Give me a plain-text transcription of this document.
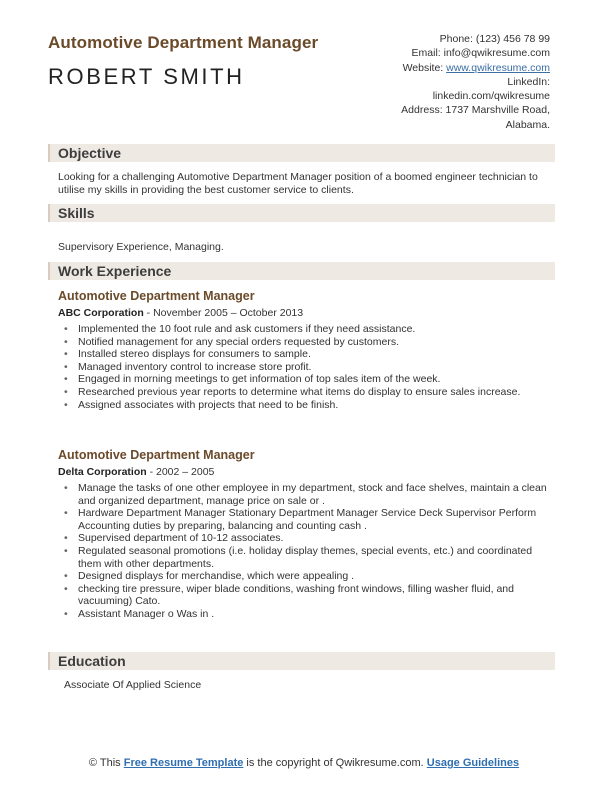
Automotive Department Manager
ROBERT SMITH
Phone: (123) 456 78 99
Email: info@qwikresume.com
Website: www.qwikresume.com
LinkedIn:
linkedin.com/qwikresume
Address: 1737 Marshville Road,
Alabama.
Objective
Looking for a challenging Automotive Department Manager position of a boomed engineer technician to utilise my skills in providing the best customer service to clients.
Skills
Supervisory Experience, Managing.
Work Experience
Automotive Department Manager
ABC Corporation - November 2005 – October 2013
• Implemented the 10 foot rule and ask customers if they need assistance.
• Notified management for any special orders requested by customers.
• Installed stereo displays for consumers to sample.
• Managed inventory control to increase store profit.
• Engaged in morning meetings to get information of top sales item of the week.
• Researched previous year reports to determine what items do display to ensure sales increase.
• Assigned associates with projects that need to be finish.
Automotive Department Manager
Delta Corporation - 2002 – 2005
• Manage the tasks of one other employee in my department, stock and face shelves, maintain a clean and organized department, manage price on sale or .
• Hardware Department Manager Stationary Department Manager Service Deck Supervisor Perform Accounting duties by preparing, balancing and counting cash .
• Supervised department of 10-12 associates.
• Regulated seasonal promotions (i.e. holiday display themes, special events, etc.) and coordinated them with other departments.
• Designed displays for merchandise, which were appealing .
• checking tire pressure, wiper blade conditions, washing front windows, filling washer fluid, and vacuuming) Cato.
• Assistant Manager o Was in .
Education
Associate Of Applied Science
© This Free Resume Template is the copyright of Qwikresume.com. Usage Guidelines
